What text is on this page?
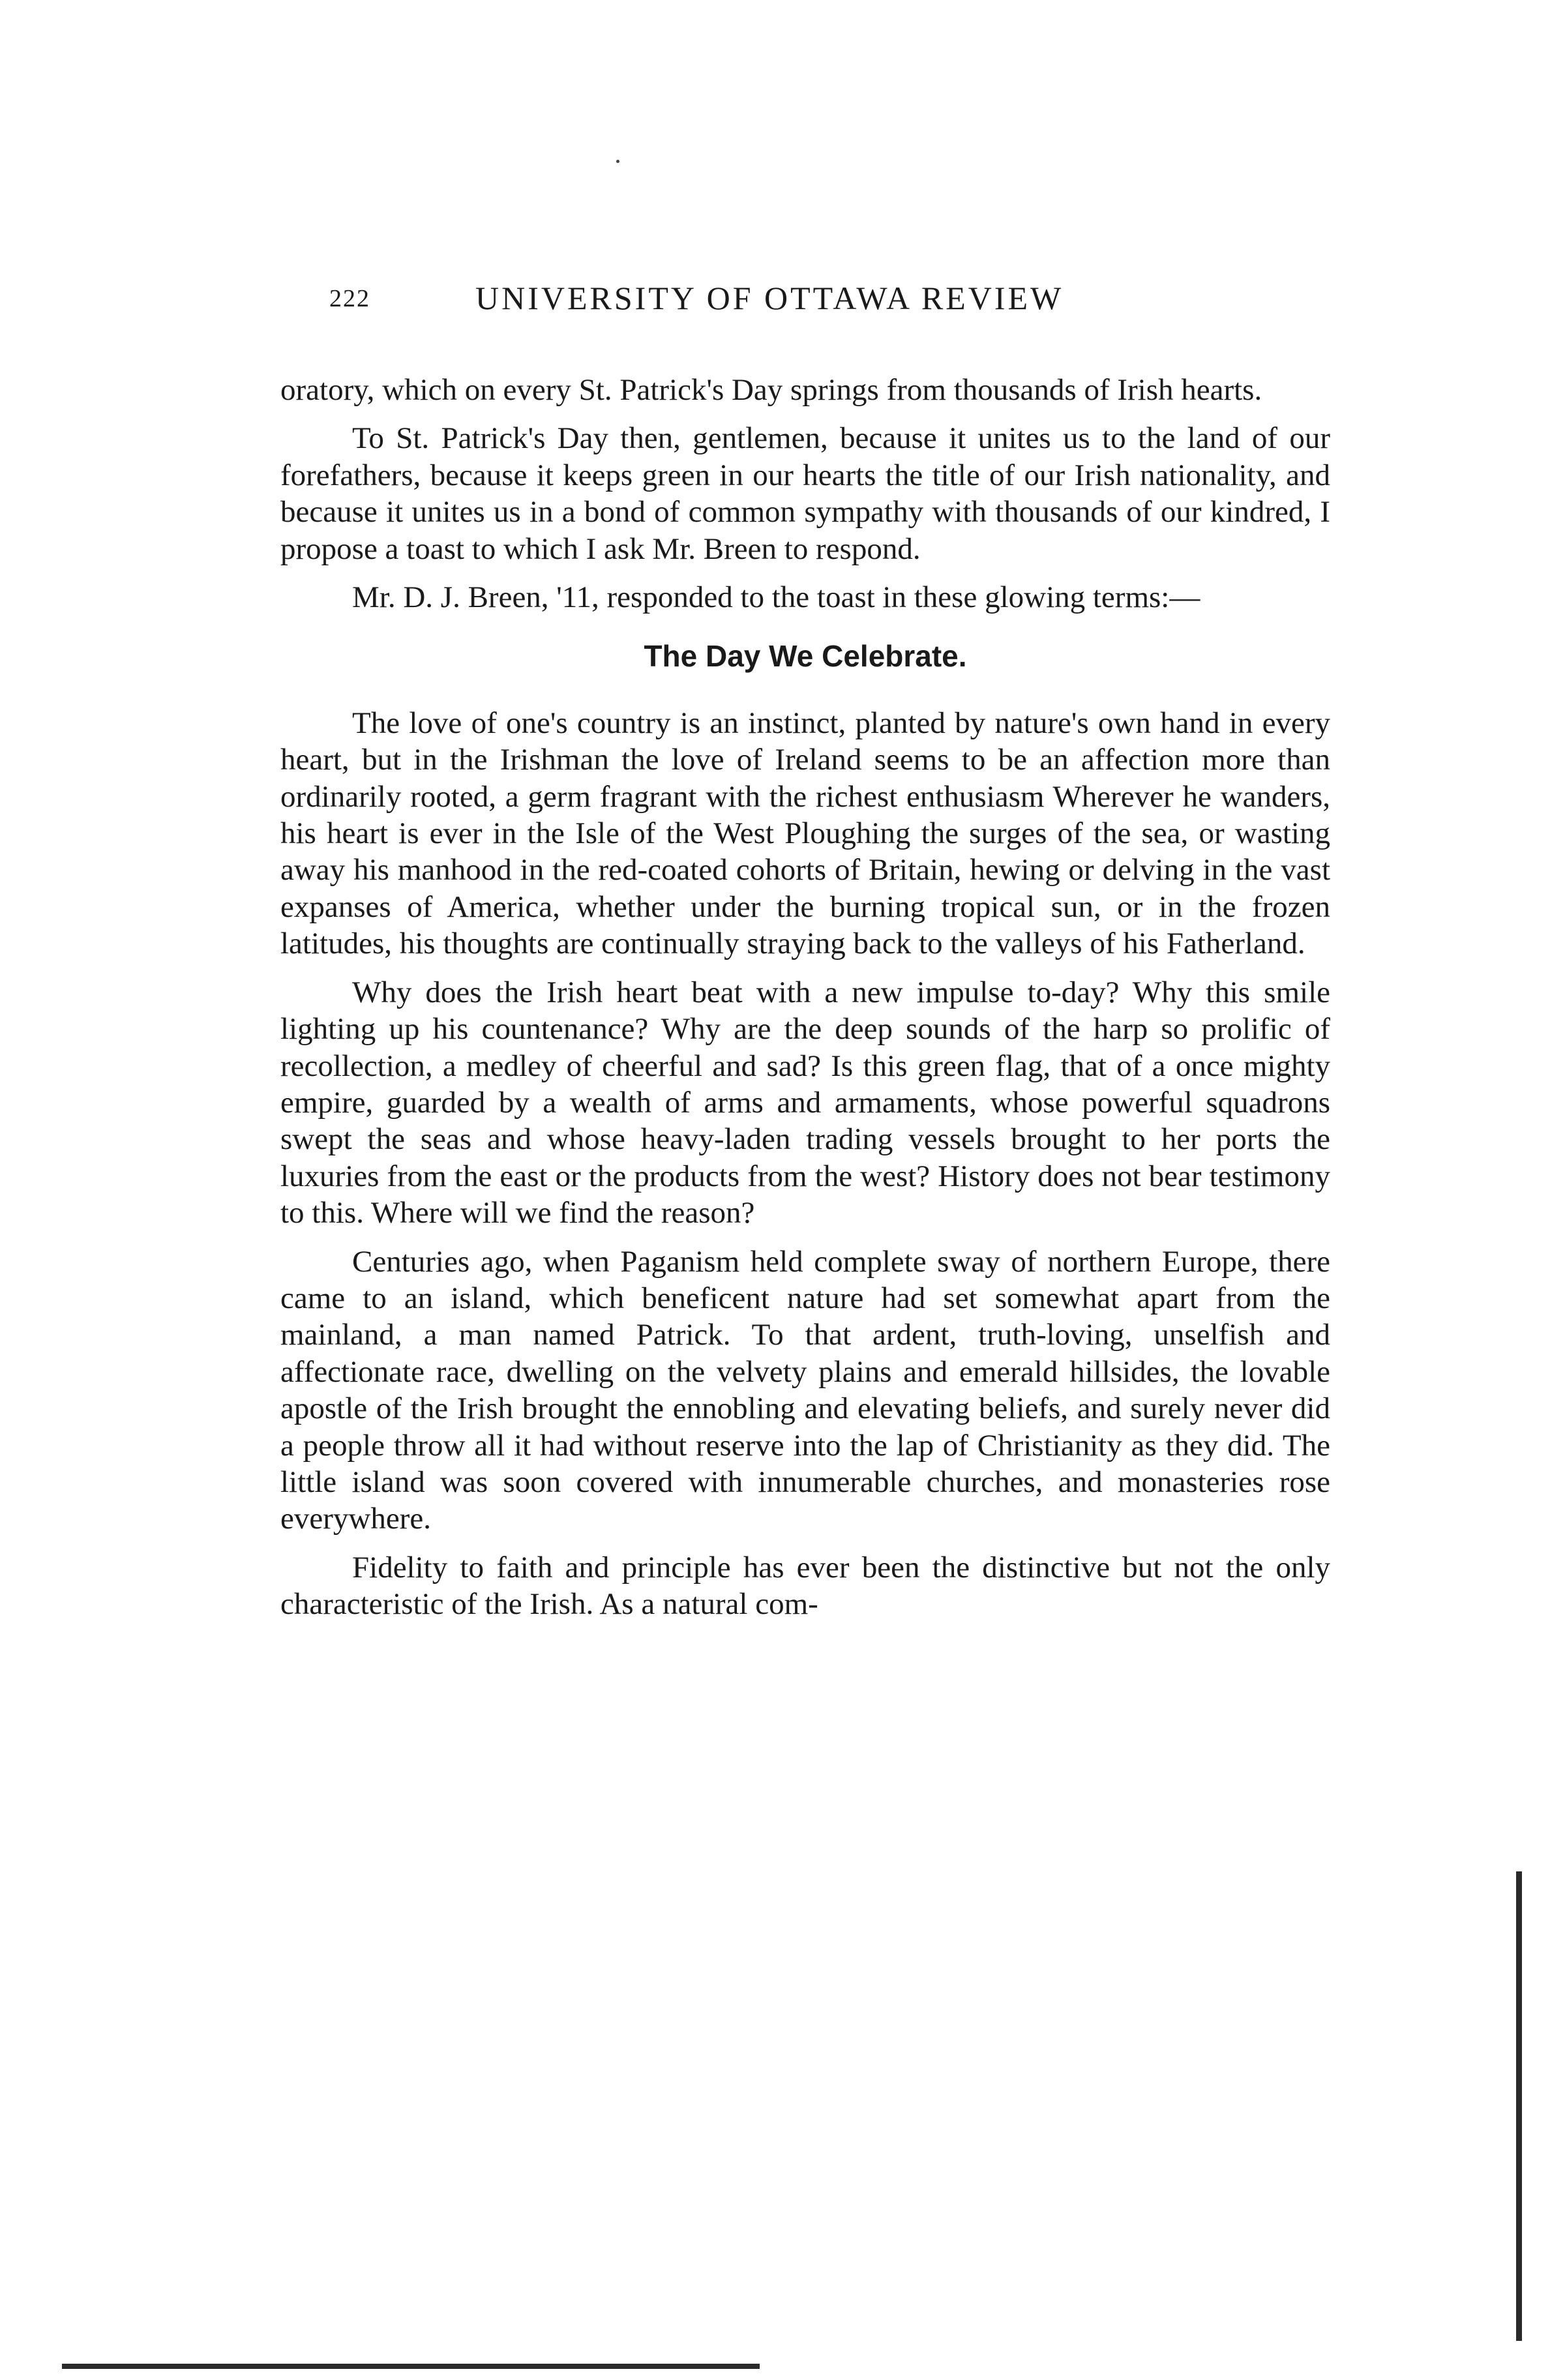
222	UNIVERSITY OF OTTAWA REVIEW

oratory, which on every St. Patrick's Day springs from thousands of Irish hearts.

To St. Patrick's Day then, gentlemen, because it unites us to the land of our forefathers, because it keeps green in our hearts the title of our Irish nationality, and because it unites us in a bond of common sympathy with thousands of our kindred, I propose a toast to which I ask Mr. Breen to respond.

Mr. D. J. Breen, '11, responded to the toast in these glowing terms:—

The Day We Celebrate.

The love of one's country is an instinct, planted by nature's own hand in every heart, but in the Irishman the love of Ireland seems to be an affection more than ordinarily rooted, a germ fragrant with the richest enthusiasm Wherever he wanders, his heart is ever in the Isle of the West Ploughing the surges of the sea, or wasting away his manhood in the red-coated cohorts of Britain, hewing or delving in the vast expanses of America, whether under the burning tropical sun, or in the frozen latitudes, his thoughts are continually straying back to the valleys of his Fatherland.

Why does the Irish heart beat with a new impulse to-day? Why this smile lighting up his countenance? Why are the deep sounds of the harp so prolific of recollection, a medley of cheerful and sad? Is this green flag, that of a once mighty empire, guarded by a wealth of arms and armaments, whose powerful squadrons swept the seas and whose heavy-laden trading vessels brought to her ports the luxuries from the east or the products from the west? History does not bear testimony to this. Where will we find the reason?

Centuries ago, when Paganism held complete sway of northern Europe, there came to an island, which beneficent nature had set somewhat apart from the mainland, a man named Patrick. To that ardent, truth-loving, unselfish and affectionate race, dwelling on the velvety plains and emerald hillsides, the lovable apostle of the Irish brought the ennobling and elevating beliefs, and surely never did a people throw all it had without reserve into the lap of Christianity as they did. The little island was soon covered with innumerable churches, and monasteries rose everywhere.

Fidelity to faith and principle has ever been the distinctive but not the only characteristic of the Irish. As a natural com-
